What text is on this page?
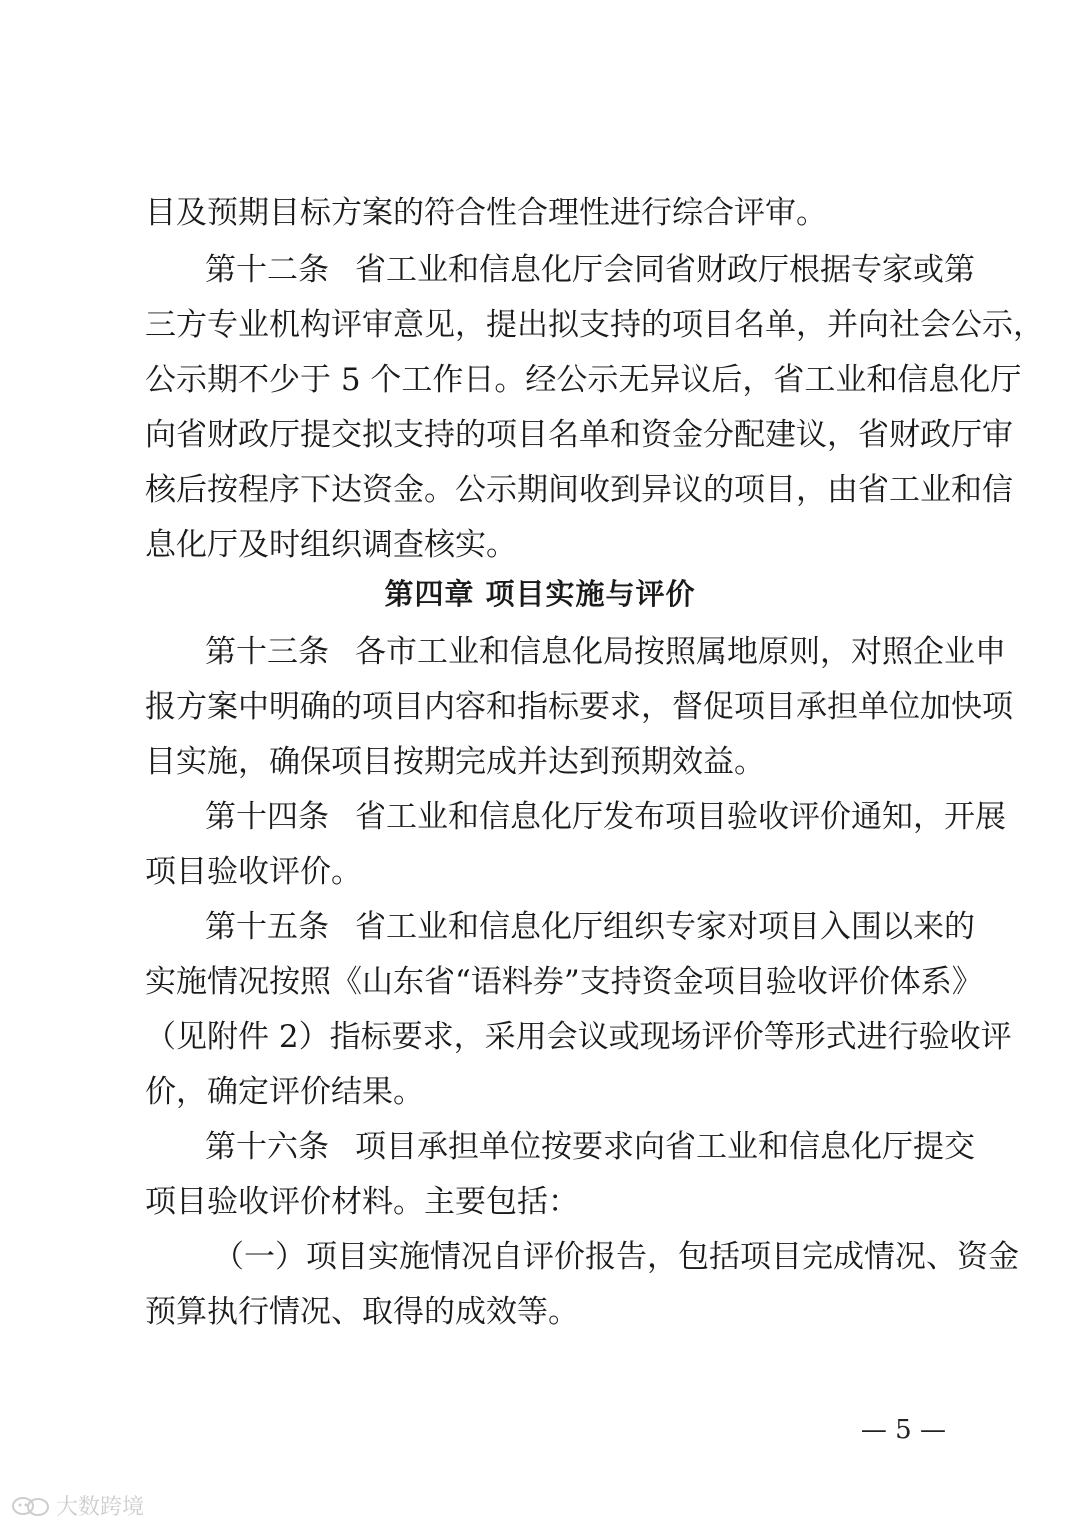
目及预期目标方案的符合性合理性进行综合评审。
第十二条 省工业和信息化厅会同省财政厅根据专家或第
三方专业机构评审意见，提出拟支持的项目名单，并向社会公示，
公示期不少于 5 个工作日。经公示无异议后，省工业和信息化厅
向省财政厅提交拟支持的项目名单和资金分配建议，省财政厅审
核后按程序下达资金。公示期间收到异议的项目，由省工业和信
息化厅及时组织调查核实。
第四章 项目实施与评价
第十三条 各市工业和信息化局按照属地原则，对照企业申
报方案中明确的项目内容和指标要求，督促项目承担单位加快项
目实施，确保项目按期完成并达到预期效益。
第十四条 省工业和信息化厅发布项目验收评价通知，开展
项目验收评价。
第十五条 省工业和信息化厅组织专家对项目入围以来的
实施情况按照《山东省“语料券”支持资金项目验收评价体系》
（见附件 2）指标要求，采用会议或现场评价等形式进行验收评
价，确定评价结果。
第十六条 项目承担单位按要求向省工业和信息化厅提交
项目验收评价材料。主要包括：
（一）项目实施情况自评价报告，包括项目完成情况、资金
预算执行情况、取得的成效等。
— 5 —
大数跨境
